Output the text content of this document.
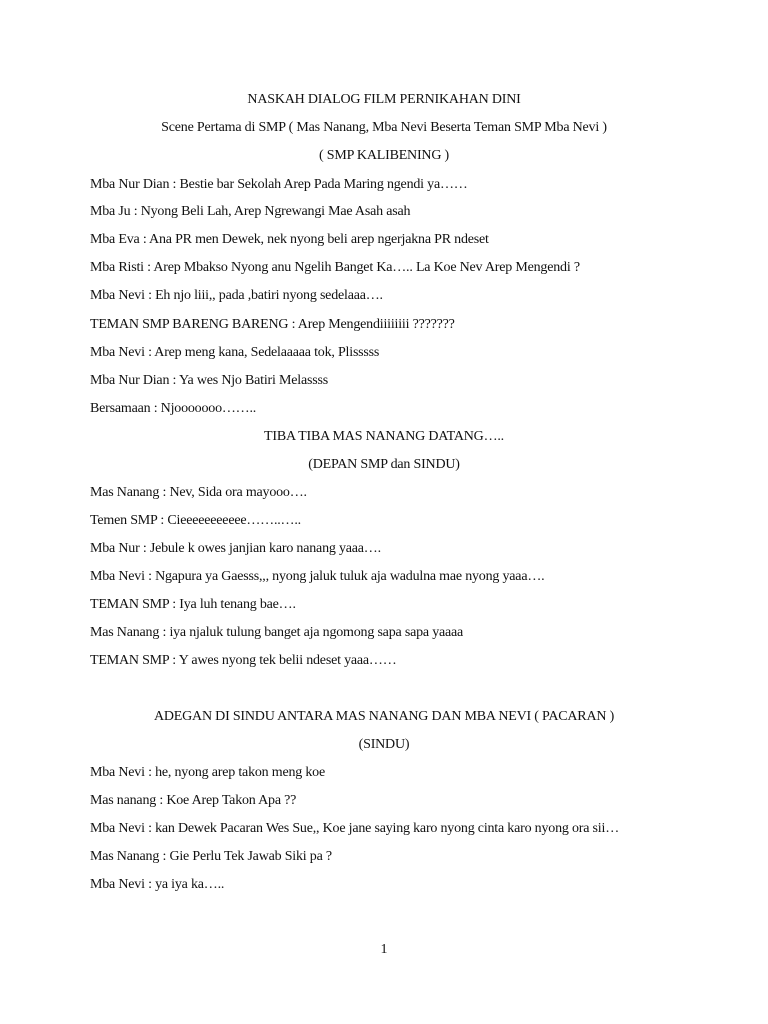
NASKAH DIALOG FILM PERNIKAHAN DINI
Scene Pertama di SMP ( Mas Nanang, Mba Nevi Beserta Teman SMP Mba Nevi )
( SMP KALIBENING )
Mba Nur Dian : Bestie bar Sekolah Arep Pada Maring ngendi ya……
Mba Ju : Nyong Beli Lah, Arep Ngrewangi Mae Asah asah
Mba Eva : Ana PR men Dewek, nek nyong beli arep ngerjakna PR ndeset
Mba Risti : Arep Mbakso Nyong anu Ngelih Banget Ka….. La Koe Nev Arep Mengendi ?
Mba Nevi : Eh njo liii,, pada ,batiri nyong sedelaaa….
TEMAN SMP BARENG BARENG : Arep Mengendiiiiiiii ???????
Mba Nevi : Arep meng kana, Sedelaaaaa tok, Plisssss
Mba Nur Dian : Ya wes Njo Batiri Melassss
Bersamaan : Njooooooo……..
TIBA TIBA MAS NANANG DATANG…..
(DEPAN SMP dan SINDU)
Mas Nanang : Nev, Sida ora mayooo….
Temen SMP : Cieeeeeeeeeee……..…..
Mba Nur : Jebule k owes janjian karo nanang yaaa….
Mba Nevi : Ngapura ya Gaesss,,, nyong jaluk tuluk aja wadulna mae nyong yaaa….
TEMAN SMP : Iya luh tenang bae….
Mas Nanang : iya njaluk tulung banget aja ngomong sapa sapa yaaaa
TEMAN SMP : Y awes nyong tek belii ndeset yaaa……
ADEGAN DI SINDU ANTARA MAS NANANG DAN MBA NEVI ( PACARAN )
(SINDU)
Mba Nevi : he, nyong arep takon meng koe
Mas nanang : Koe Arep Takon Apa ??
Mba Nevi : kan Dewek Pacaran Wes Sue,, Koe jane saying karo nyong cinta karo nyong ora sii…
Mas Nanang : Gie Perlu Tek Jawab Siki pa ?
Mba Nevi : ya iya ka…..
1
